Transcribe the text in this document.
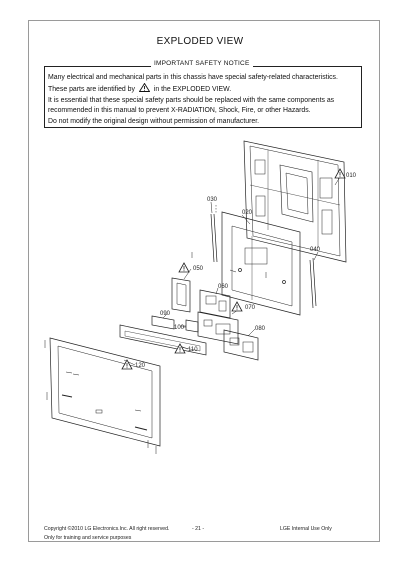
EXPLODED VIEW
IMPORTANT SAFETY NOTICE
Many electrical and mechanical parts in this chassis have special safety-related characteristics.
These parts are identified by	in the EXPLODED VIEW.
It is essential that these special safety parts should be replaced with the same components as
recommended in this manual to prevent X-RADIATION, Shock, Fire, or other Hazards.
Do not modify the original design without permission of manufacturer.
010
020
030
040
050
060
070
080
090
100
110
120
Copyright ©2010 LG Electronics.Inc. All right reserved.	- 21 -	LGE Internal Use Only
Only for training and service purposes
